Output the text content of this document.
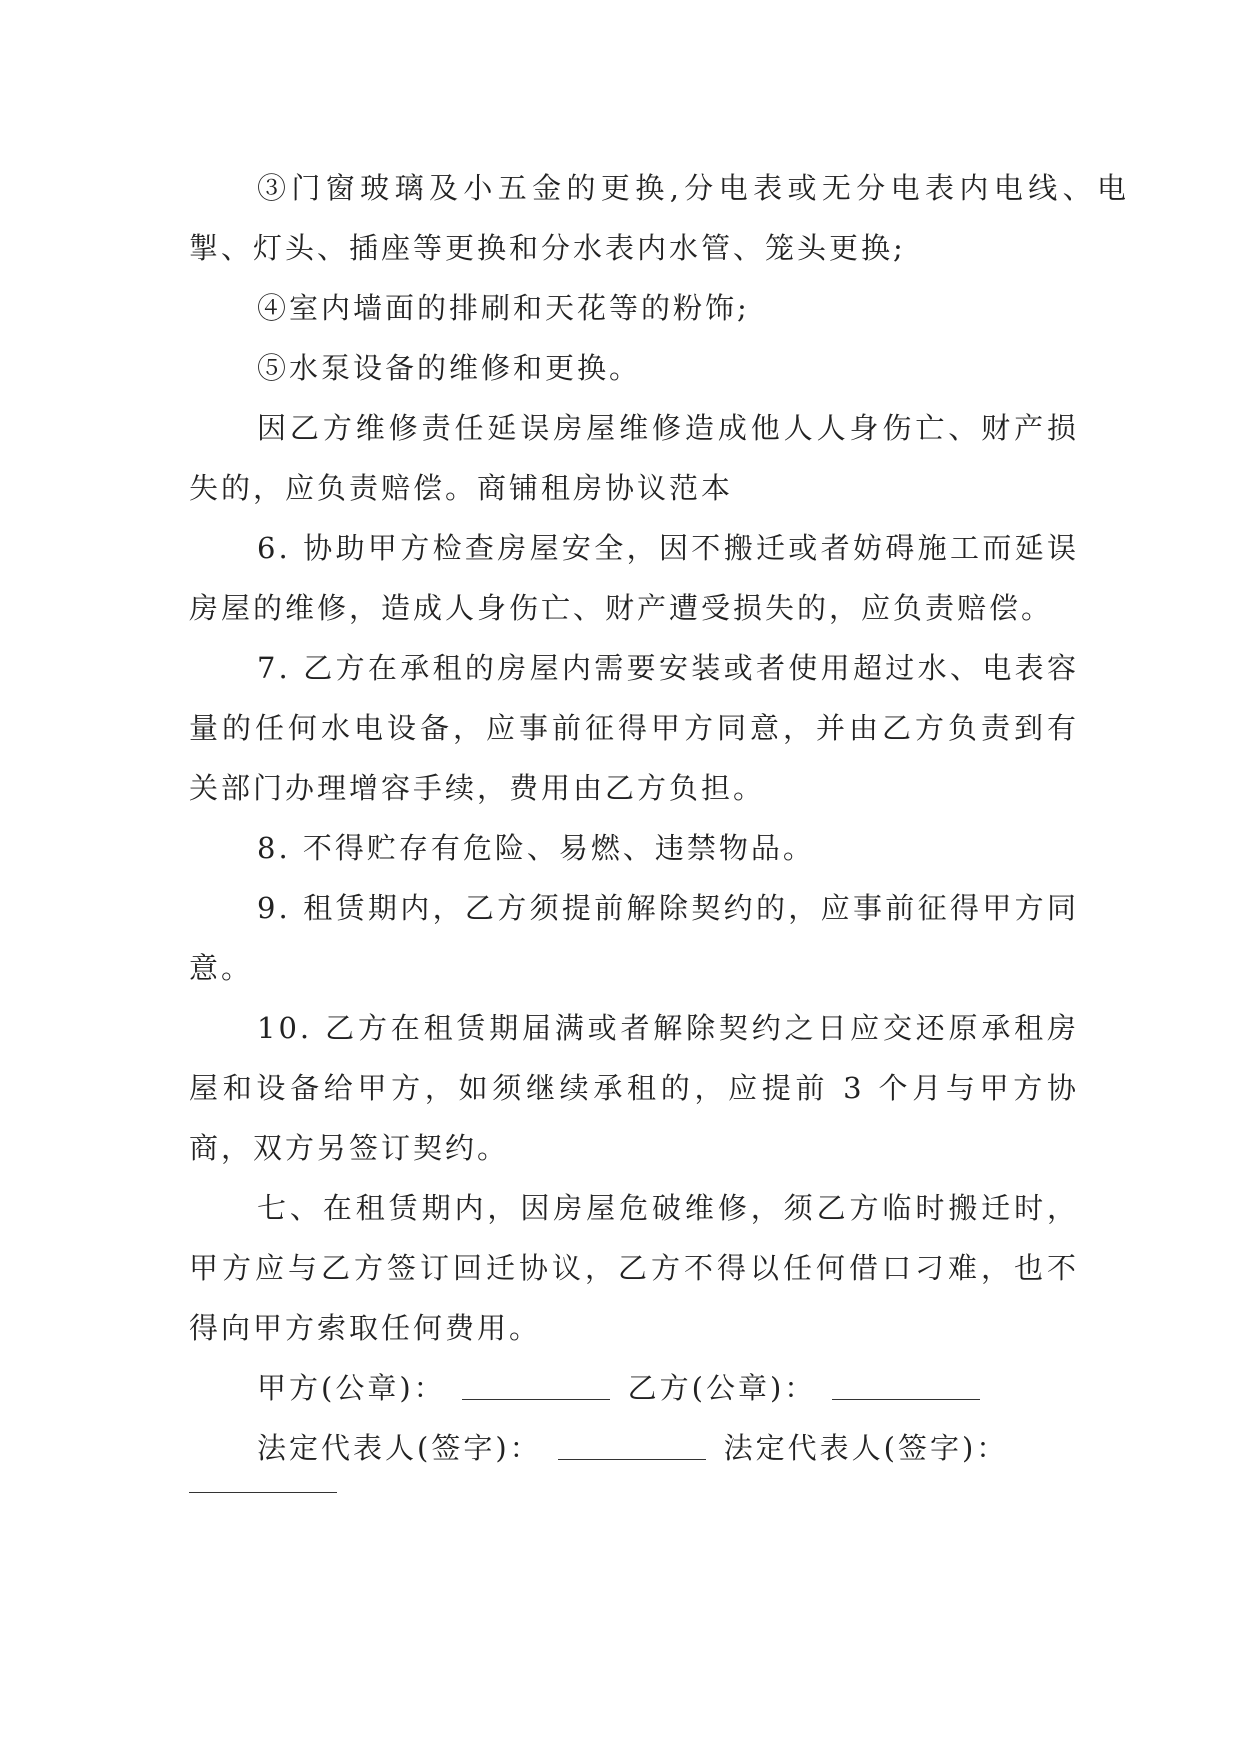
③门窗玻璃及小五金的更换,分电表或无分电表内电线、电掣、灯头、插座等更换和分水表内水管、笼头更换;

④室内墙面的排刷和天花等的粉饰;

⑤水泵设备的维修和更换。

因乙方维修责任延误房屋维修造成他人人身伤亡、财产损失的，应负责赔偿。商铺租房协议范本

6. 协助甲方检查房屋安全，因不搬迁或者妨碍施工而延误房屋的维修，造成人身伤亡、财产遭受损失的，应负责赔偿。

7. 乙方在承租的房屋内需要安装或者使用超过水、电表容量的任何水电设备，应事前征得甲方同意，并由乙方负责到有关部门办理增容手续，费用由乙方负担。

8. 不得贮存有危险、易燃、违禁物品。

9. 租赁期内，乙方须提前解除契约的，应事前征得甲方同意。

10. 乙方在租赁期届满或者解除契约之日应交还原承租房屋和设备给甲方，如须继续承租的，应提前 3 个月与甲方协商，双方另签订契约。

七、在租赁期内，因房屋危破维修，须乙方临时搬迁时，甲方应与乙方签订回迁协议，乙方不得以任何借口刁难，也不得向甲方索取任何费用。

甲方(公章)：	乙方(公章)：

法定代表人(签字)：	法定代表人(签字)：
